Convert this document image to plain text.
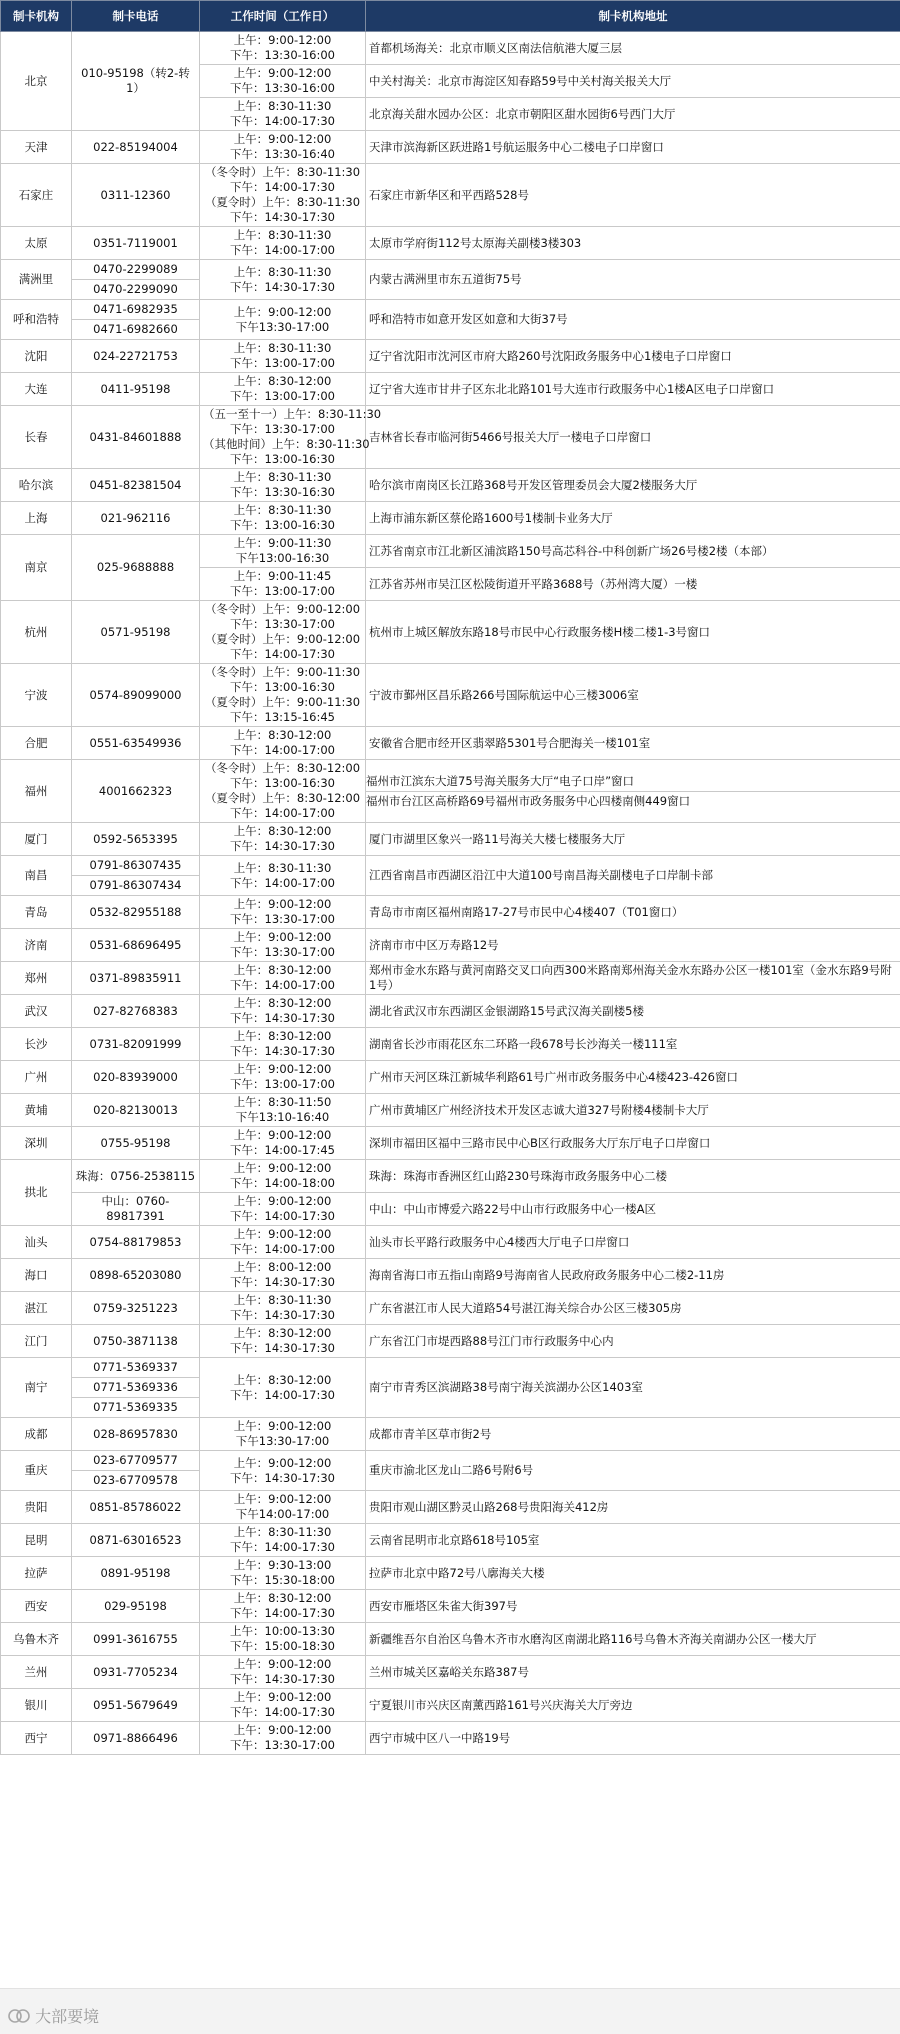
制卡机构	制卡电话	工作时间（工作日）	制卡机构地址
北京	010-95198（转2-转1）	上午：9:00-12:00
下午：13:30-16:00	首都机场海关：北京市顺义区南法信航港大厦三层

		上午：9:00-12:00
下午：13:30-16:00	中关村海关：北京市海淀区知春路59号中关村海关报关大厅

		上午：8:30-11:30
下午：14:00-17:30	北京海关甜水园办公区：北京市朝阳区甜水园街6号西门大厅
天津	022-85194004	上午：9:00-12:00
下午：13:30-16:40	天津市滨海新区跃进路1号航运服务中心二楼电子口岸窗口
石家庄	0311-12360	（冬令时）上午：8:30-11:30
下午：14:00-17:30
（夏令时）上午：8:30-11:30
下午：14:30-17:30	石家庄市新华区和平西路528号
太原	0351-7119001	上午：8:30-11:30
下午：14:00-17:00	太原市学府街112号太原海关副楼3楼303
满洲里	0470-2299089
0470-2299090	上午：8:30-11:30
下午：14:30-17:30	内蒙古满洲里市东五道街75号
呼和浩特	0471-6982935
0471-6982660	上午：9:00-12:00
下午13:30-17:00	呼和浩特市如意开发区如意和大街37号
沈阳	024-22721753	上午：8:30-11:30
下午：13:00-17:00	辽宁省沈阳市沈河区市府大路260号沈阳政务服务中心1楼电子口岸窗口
大连	0411-95198	上午：8:30-12:00
下午：13:00-17:00	辽宁省大连市甘井子区东北北路101号大连市行政服务中心1楼A区电子口岸窗口
长春	0431-84601888	（五一至十一）上午：8:30-11:30
下午：13:30-17:00
（其他时间）上午：8:30-11:30
下午：13:00-16:30	吉林省长春市临河街5466号报关大厅一楼电子口岸窗口
哈尔滨	0451-82381504	上午：8:30-11:30
下午：13:30-16:30	哈尔滨市南岗区长江路368号开发区管理委员会大厦2楼服务大厅
上海	021-962116	上午：8:30-11:30
下午：13:00-16:30	上海市浦东新区蔡伦路1600号1楼制卡业务大厅
南京	025-9688888	上午：9:00-11:30
下午13:00-16:30	江苏省南京市江北新区浦滨路150号高芯科谷-中科创新广场26号楼2楼（本部）

		上午：9:00-11:45
下午：13:00-17:00	江苏省苏州市吴江区松陵街道开平路3688号（苏州湾大厦）一楼
杭州	0571-95198	（冬令时）上午：9:00-12:00
下午：13:30-17:00
（夏令时）上午：9:00-12:00
下午：14:00-17:30	杭州市上城区解放东路18号市民中心行政服务楼H楼二楼1-3号窗口
宁波	0574-89099000	（冬令时）上午：9:00-11:30
下午：13:00-16:30
（夏令时）上午：9:00-11:30
下午：13:15-16:45	宁波市鄞州区昌乐路266号国际航运中心三楼3006室
合肥	0551-63549936	上午：8:30-12:00
下午：14:00-17:00	安徽省合肥市经开区翡翠路5301号合肥海关一楼101室
福州	4001662323	（冬令时）上午：8:30-12:00
下午：13:00-16:30
（夏令时）上午：8:30-12:00
下午：14:00-17:00	福州市江滨东大道75号海关服务大厅“电子口岸”窗口
福州市台江区高桥路69号福州市政务服务中心四楼南侧449窗口

厦门	0592-5653395	上午：8:30-12:00
下午：14:30-17:30	厦门市湖里区象兴一路11号海关大楼七楼服务大厅
南昌	0791-86307435
0791-86307434	上午：8:30-11:30
下午：14:00-17:00	江西省南昌市西湖区沿江中大道100号南昌海关副楼电子口岸制卡部
青岛	0532-82955188	上午：9:00-12:00
下午：13:30-17:00	青岛市市南区福州南路17-27号市民中心4楼407（T01窗口）
济南	0531-68696495	上午：9:00-12:00
下午：13:30-17:00	济南市市中区万寿路12号
郑州	0371-89835911	上午：8:30-12:00
下午：14:00-17:00	郑州市金水东路与黄河南路交叉口向西300米路南郑州海关金水东路办公区一楼101室（金水东路9号附1号）
武汉	027-82768383	上午：8:30-12:00
下午：14:30-17:30	湖北省武汉市东西湖区金银湖路15号武汉海关副楼5楼
长沙	0731-82091999	上午：8:30-12:00
下午：14:30-17:30	湖南省长沙市雨花区东二环路一段678号长沙海关一楼111室
广州	020-83939000	上午：9:00-12:00
下午：13:00-17:00	广州市天河区珠江新城华利路61号广州市政务服务中心4楼423-426窗口
黄埔	020-82130013	上午：8:30-11:50
下午13:10-16:40	广州市黄埔区广州经济技术开发区志诚大道327号附楼4楼制卡大厅
深圳	0755-95198	上午：9:00-12:00
下午：14:00-17:45	深圳市福田区福中三路市民中心B区行政服务大厅东厅电子口岸窗口
拱北	珠海：0756-2538115	上午：9:00-12:00
下午：14:00-18:00	珠海：珠海市香洲区红山路230号珠海市政务服务中心二楼
	中山：0760-89817391	上午：9:00-12:00
下午：14:00-17:30	中山：中山市博爱六路22号中山市行政服务中心一楼A区
汕头	0754-88179853	上午：9:00-12:00
下午：14:00-17:00	汕头市长平路行政服务中心4楼西大厅电子口岸窗口
海口	0898-65203080	上午：8:00-12:00
下午：14:30-17:30	海南省海口市五指山南路9号海南省人民政府政务服务中心二楼2-11房
湛江	0759-3251223	上午：8:30-11:30
下午：14:30-17:30	广东省湛江市人民大道路54号湛江海关综合办公区三楼305房
江门	0750-3871138	上午：8:30-12:00
下午：14:30-17:30	广东省江门市堤西路88号江门市行政服务中心内
南宁	0771-5369337
0771-5369336
0771-5369335	上午：8:30-12:00
下午：14:00-17:30	南宁市青秀区滨湖路38号南宁海关滨湖办公区1403室
成都	028-86957830	上午：9:00-12:00
下午13:30-17:00	成都市青羊区草市街2号
重庆	023-67709577
023-67709578	上午：9:00-12:00
下午：14:30-17:30	重庆市渝北区龙山二路6号附6号
贵阳	0851-85786022	上午：9:00-12:00
下午14:00-17:00	贵阳市观山湖区黔灵山路268号贵阳海关412房
昆明	0871-63016523	上午：8:30-11:30
下午：14:00-17:30	云南省昆明市北京路618号105室
拉萨	0891-95198	上午：9:30-13:00
下午：15:30-18:00	拉萨市北京中路72号八廓海关大楼
西安	029-95198	上午：8:30-12:00
下午：14:00-17:30	西安市雁塔区朱雀大街397号
乌鲁木齐	0991-3616755	上午：10:00-13:30
下午：15:00-18:30	新疆维吾尔自治区乌鲁木齐市水磨沟区南湖北路116号乌鲁木齐海关南湖办公区一楼大厅
兰州	0931-7705234	上午：9:00-12:00
下午：14:30-17:30	兰州市城关区嘉峪关东路387号
银川	0951-5679649	上午：9:00-12:00
下午：14:00-17:30	宁夏银川市兴庆区南薰西路161号兴庆海关大厅旁边
西宁	0971-8866496	上午：9:00-12:00
下午：13:30-17:00	西宁市城中区八一中路19号
大部要境
